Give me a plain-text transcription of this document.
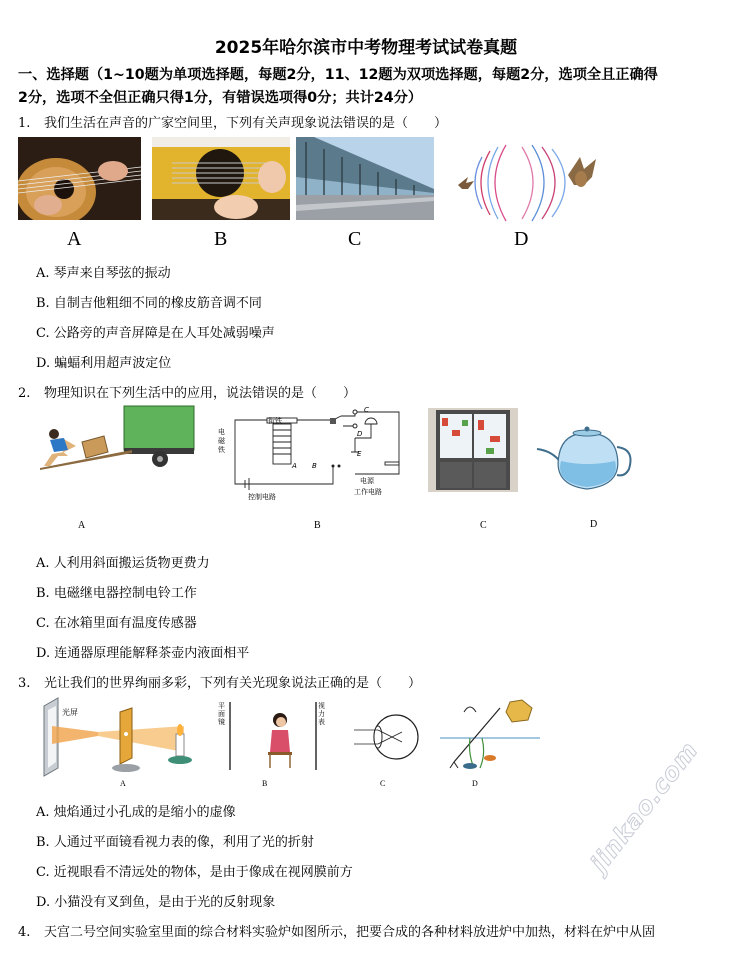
2025年哈尔滨市中考物理考试试卷真题
一、选择题（1~10题为单项选择题，每题2分，11、12题为双项选择题，每题2分，选项全且正确得
2分，选项不全但正确只得1分，有错误选项得0分；共计24分）
1. 我们生活在声音的广家空间里，下列有关声现象说法错误的是（　　）
A	B	C	D
A. 琴声来自琴弦的振动
B. 自制吉他粗细不同的橡皮筋音调不同
C. 公路旁的声音屏障是在人耳处减弱噪声
D. 蝙蝠利用超声波定位
2. 物理知识在下列生活中的应用，说法错误的是（　　）
衔铁
电磁铁
控制电路
电源
工作电路
C
D
E
A B
A	B	C	D
A. 人利用斜面搬运货物更费力
B. 电磁继电器控制电铃工作
C. 在冰箱里面有温度传感器
D. 连通器原理能解释茶壶内液面相平
3. 光让我们的世界绚丽多彩，下列有关光现象说法正确的是（　　）
光屏
平面镜
视力表
A	B	C	D
A. 烛焰通过小孔成的是缩小的虚像
B. 人通过平面镜看视力表的像，利用了光的折射
C. 近视眼看不清远处的物体，是由于像成在视网膜前方
D. 小猫没有叉到鱼，是由于光的反射现象
4. 天宫二号空间实验室里面的综合材料实验炉如图所示，把要合成的各种材料放进炉中加热，材料在炉中从固
jinkao.com
